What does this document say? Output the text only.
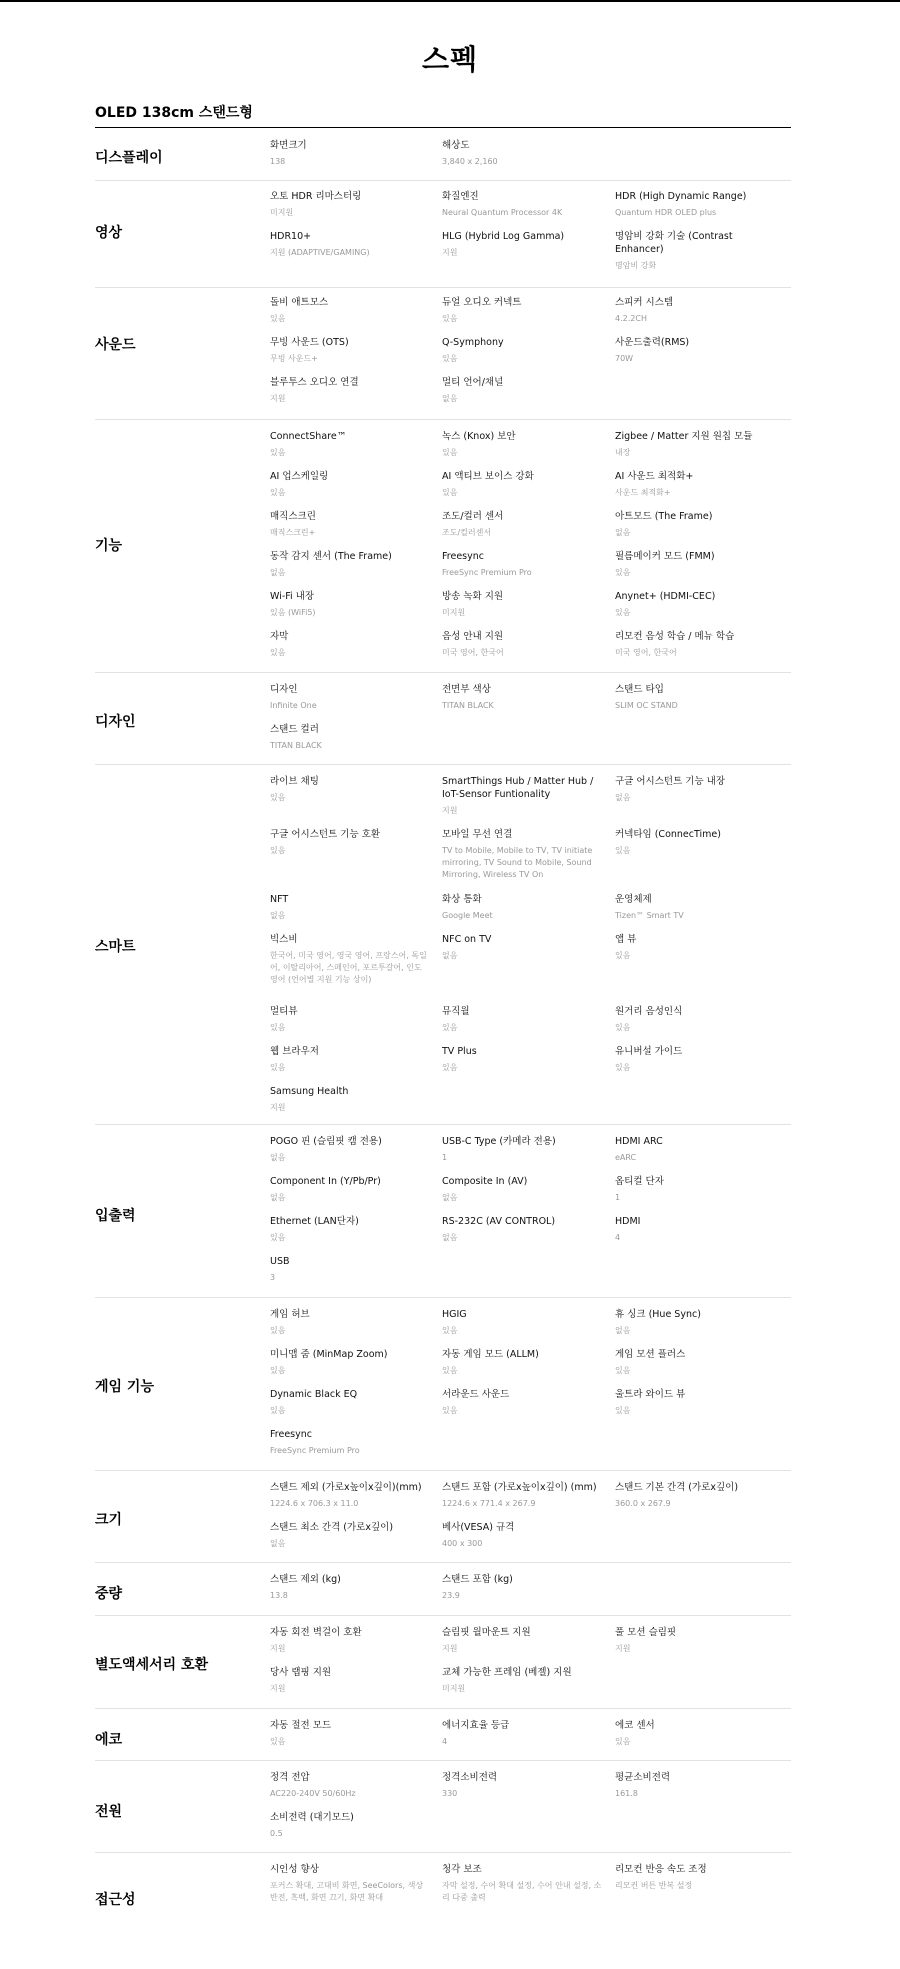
스펙
OLED 138cm 스탠드형
디스플레이
화면크기
138
해상도
3,840 x 2,160
영상
오토 HDR 리마스터링
미지원
화질엔진
Neural Quantum Processor 4K
HDR (High Dynamic Range)
Quantum HDR OLED plus
HDR10+
지원 (ADAPTIVE/GAMING)
HLG (Hybrid Log Gamma)
지원
명암비 강화 기술 (Contrast Enhancer)
명암비 강화
사운드
돌비 애트모스
있음
듀얼 오디오 커넥트
있음
스피커 시스템
4.2.2CH
무빙 사운드 (OTS)
무빙 사운드+
Q-Symphony
있음
사운드출력(RMS)
70W
블루투스 오디오 연결
지원
멀티 언어/채널
없음
기능
ConnectShare™
있음
녹스 (Knox) 보안
있음
Zigbee / Matter 지원 원칩 모듈
내장
AI 업스케일링
있음
AI 액티브 보이스 강화
있음
AI 사운드 최적화+
사운드 최적화+
매직스크린
매직스크린+
조도/컬러 센서
조도/컬러센서
아트모드 (The Frame)
없음
동작 감지 센서 (The Frame)
없음
Freesync
FreeSync Premium Pro
필름메이커 모드 (FMM)
있음
Wi-Fi 내장
있음 (WiFi5)
방송 녹화 지원
미지원
Anynet+ (HDMI-CEC)
있음
자막
있음
음성 안내 지원
미국 영어, 한국어
리모컨 음성 학습 / 메뉴 학습
미국 영어, 한국어
디자인
디자인
Infinite One
전면부 색상
TITAN BLACK
스탠드 타입
SLIM OC STAND
스탠드 컬러
TITAN BLACK
스마트
라이브 채팅
있음
SmartThings Hub / Matter Hub / IoT-Sensor Funtionality
지원
구글 어시스턴트 기능 내장
없음
구글 어시스턴트 기능 호환
있음
모바일 무선 연결
TV to Mobile, Mobile to TV, TV initiate mirroring, TV Sound to Mobile, Sound Mirroring, Wireless TV On
커넥타임 (ConnecTime)
있음
NFT
없음
화상 통화
Google Meet
운영체제
Tizen™ Smart TV
빅스비
한국어, 미국 영어, 영국 영어, 프랑스어, 독일어, 이탈리아어, 스페인어, 포르투갈어, 인도 영어 (언어별 지원 기능 상이)
NFC on TV
없음
앱 뷰
있음
멀티뷰
있음
뮤직월
있음
원거리 음성인식
있음
웹 브라우저
있음
TV Plus
있음
유니버설 가이드
있음
Samsung Health
지원
입출력
POGO 핀 (슬림핏 캠 전용)
없음
USB-C Type (카메라 전용)
1
HDMI ARC
eARC
Component In (Y/Pb/Pr)
없음
Composite In (AV)
없음
옵티컬 단자
1
Ethernet (LAN단자)
있음
RS-232C (AV CONTROL)
없음
HDMI
4
USB
3
게임 기능
게임 허브
있음
HGIG
있음
휴 싱크 (Hue Sync)
없음
미니맵 줌 (MinMap Zoom)
있음
자동 게임 모드 (ALLM)
있음
게임 모션 플러스
있음
Dynamic Black EQ
있음
서라운드 사운드
있음
울트라 와이드 뷰
있음
Freesync
FreeSync Premium Pro
크기
스탠드 제외 (가로x높이x깊이)(mm)
1224.6 x 706.3 x 11.0
스탠드 포함 (가로x높이x깊이) (mm)
1224.6 x 771.4 x 267.9
스탠드 기본 간격 (가로x깊이)
360.0 x 267.9
스탠드 최소 간격 (가로x깊이)
없음
베사(VESA) 규격
400 x 300
중량
스탠드 제외 (kg)
13.8
스탠드 포함 (kg)
23.9
별도액세서리 호환
자동 회전 벽걸이 호환
지원
슬림핏 월마운트 지원
지원
풀 모션 슬림핏
지원
당사 랩핑 지원
지원
교체 가능한 프레임 (베젤) 지원
미지원
에코
자동 절전 모드
있음
에너지효율 등급
4
에코 센서
있음
전원
정격 전압
AC220-240V 50/60Hz
정격소비전력
330
평균소비전력
161.8
소비전력 (대기모드)
0.5
접근성
시인성 향상
포커스 확대, 고대비 화면, SeeColors, 색상 반전, 흑백, 화면 끄기, 화면 확대
청각 보조
자막 설정, 수어 확대 설정, 수어 안내 설정, 소리 다중 출력
리모컨 반응 속도 조정
리모컨 버튼 반복 설정
